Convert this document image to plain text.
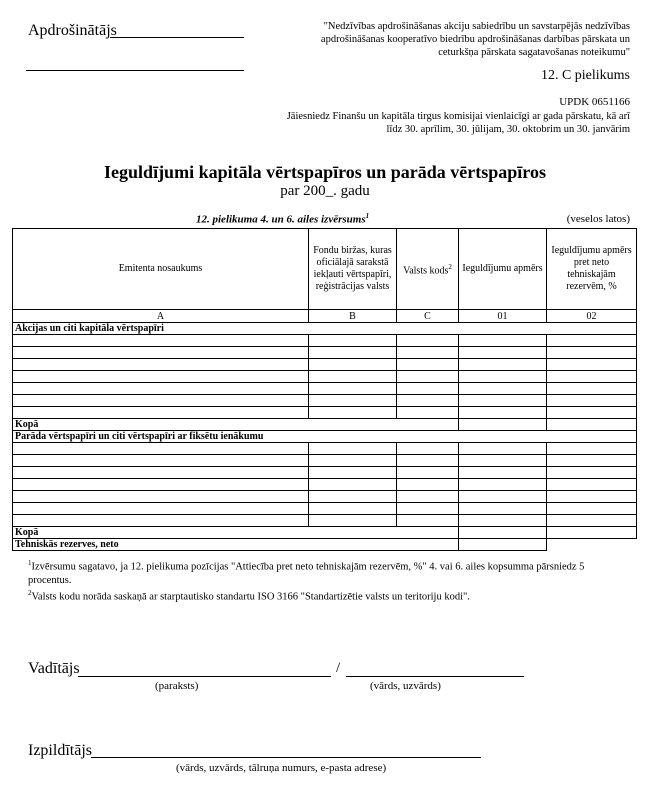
Apdrošinātājs	"Nedzīvības apdrošināšanas akciju sabiedrību un savstarpējās nedzīvības apdrošināšanas kooperatīvo biedrību apdrošināšanas darbības pārskata un ceturkšņa pārskata sagatavošanas noteikumu"
12. C pielikums
UPDK 0651166
Jāiesniedz Finanšu un kapitāla tirgus komisijai vienlaicīgi ar gada pārskatu, kā arī līdz 30. aprīlim, 30. jūlijam, 30. oktobrim un 30. janvārim
Ieguldījumi kapitāla vērtspapīros un parāda vērtspapīros
par 200_. gadu
12. pielikuma 4. un 6. ailes izvērsums$^1$	(veselos latos)
Emitenta nosaukums	Fondu biržas, kuras oficiālajā sarakstā iekļauti vērtspapīri, reģistrācijas valsts	Valsts kods$^2$	Ieguldījumu apmērs	Ieguldījumu apmērs pret neto tehniskajām rezervēm, %
A	B	C	01	02
Akcijas un citi kapitāla vērtspapīri				

Kopā				
Parāda vērtspapīri un citi vērtspapīri ar fiksētu ienākumu				

Kopā				
Tehniskās rezerves, neto				

$^1$Izvērsumu sagatavo, ja 12. pielikuma pozīcijas "Attiecība pret neto tehniskajām rezervēm, %" 4. vai 6. ailes kopsumma pārsniedz 5 procentus.

$^2$Valsts kodu norāda saskaņā ar starptautisko standartu ISO 3166 "Standartizētie valsts un teritoriju kodi".

Vadītājs	/
(paraksts)	(vārds, uzvārds)
Izpildītājs
(vārds, uzvārds, tālruņa numurs, e-pasta adrese)
